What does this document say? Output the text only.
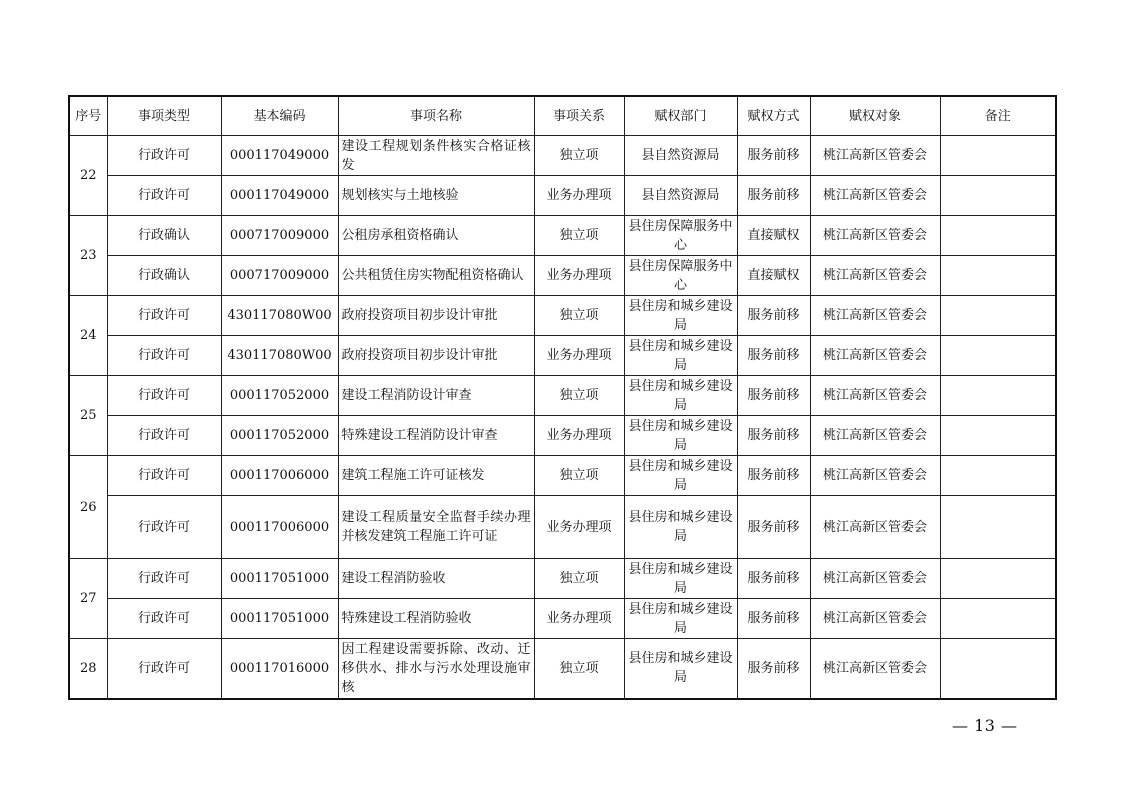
序号	事项类型	基本编码	事项名称	事项关系	赋权部门	赋权方式	赋权对象	备注
22	行政许可	000117049000	建设工程规划条件核实合格证核发	独立项	县自然资源局	服务前移	桃江高新区管委会	
	行政许可	000117049000	规划核实与土地核验	业务办理项	县自然资源局	服务前移	桃江高新区管委会	
23	行政确认	000717009000	公租房承租资格确认	独立项	县住房保障服务中心	直接赋权	桃江高新区管委会	
	行政确认	000717009000	公共租赁住房实物配租资格确认	业务办理项	县住房保障服务中心	直接赋权	桃江高新区管委会	
24	行政许可	430117080W00	政府投资项目初步设计审批	独立项	县住房和城乡建设局	服务前移	桃江高新区管委会	
	行政许可	430117080W00	政府投资项目初步设计审批	业务办理项	县住房和城乡建设局	服务前移	桃江高新区管委会	
25	行政许可	000117052000	建设工程消防设计审查	独立项	县住房和城乡建设局	服务前移	桃江高新区管委会	
	行政许可	000117052000	特殊建设工程消防设计审查	业务办理项	县住房和城乡建设局	服务前移	桃江高新区管委会	
26	行政许可	000117006000	建筑工程施工许可证核发	独立项	县住房和城乡建设局	服务前移	桃江高新区管委会	
	行政许可	000117006000	建设工程质量安全监督手续办理并核发建筑工程施工许可证	业务办理项	县住房和城乡建设局	服务前移	桃江高新区管委会	
27	行政许可	000117051000	建设工程消防验收	独立项	县住房和城乡建设局	服务前移	桃江高新区管委会	
	行政许可	000117051000	特殊建设工程消防验收	业务办理项	县住房和城乡建设局	服务前移	桃江高新区管委会	
28	行政许可	000117016000	因工程建设需要拆除、改动、迁移供水、排水与污水处理设施审核	独立项	县住房和城乡建设局	服务前移	桃江高新区管委会	
— 13 —
